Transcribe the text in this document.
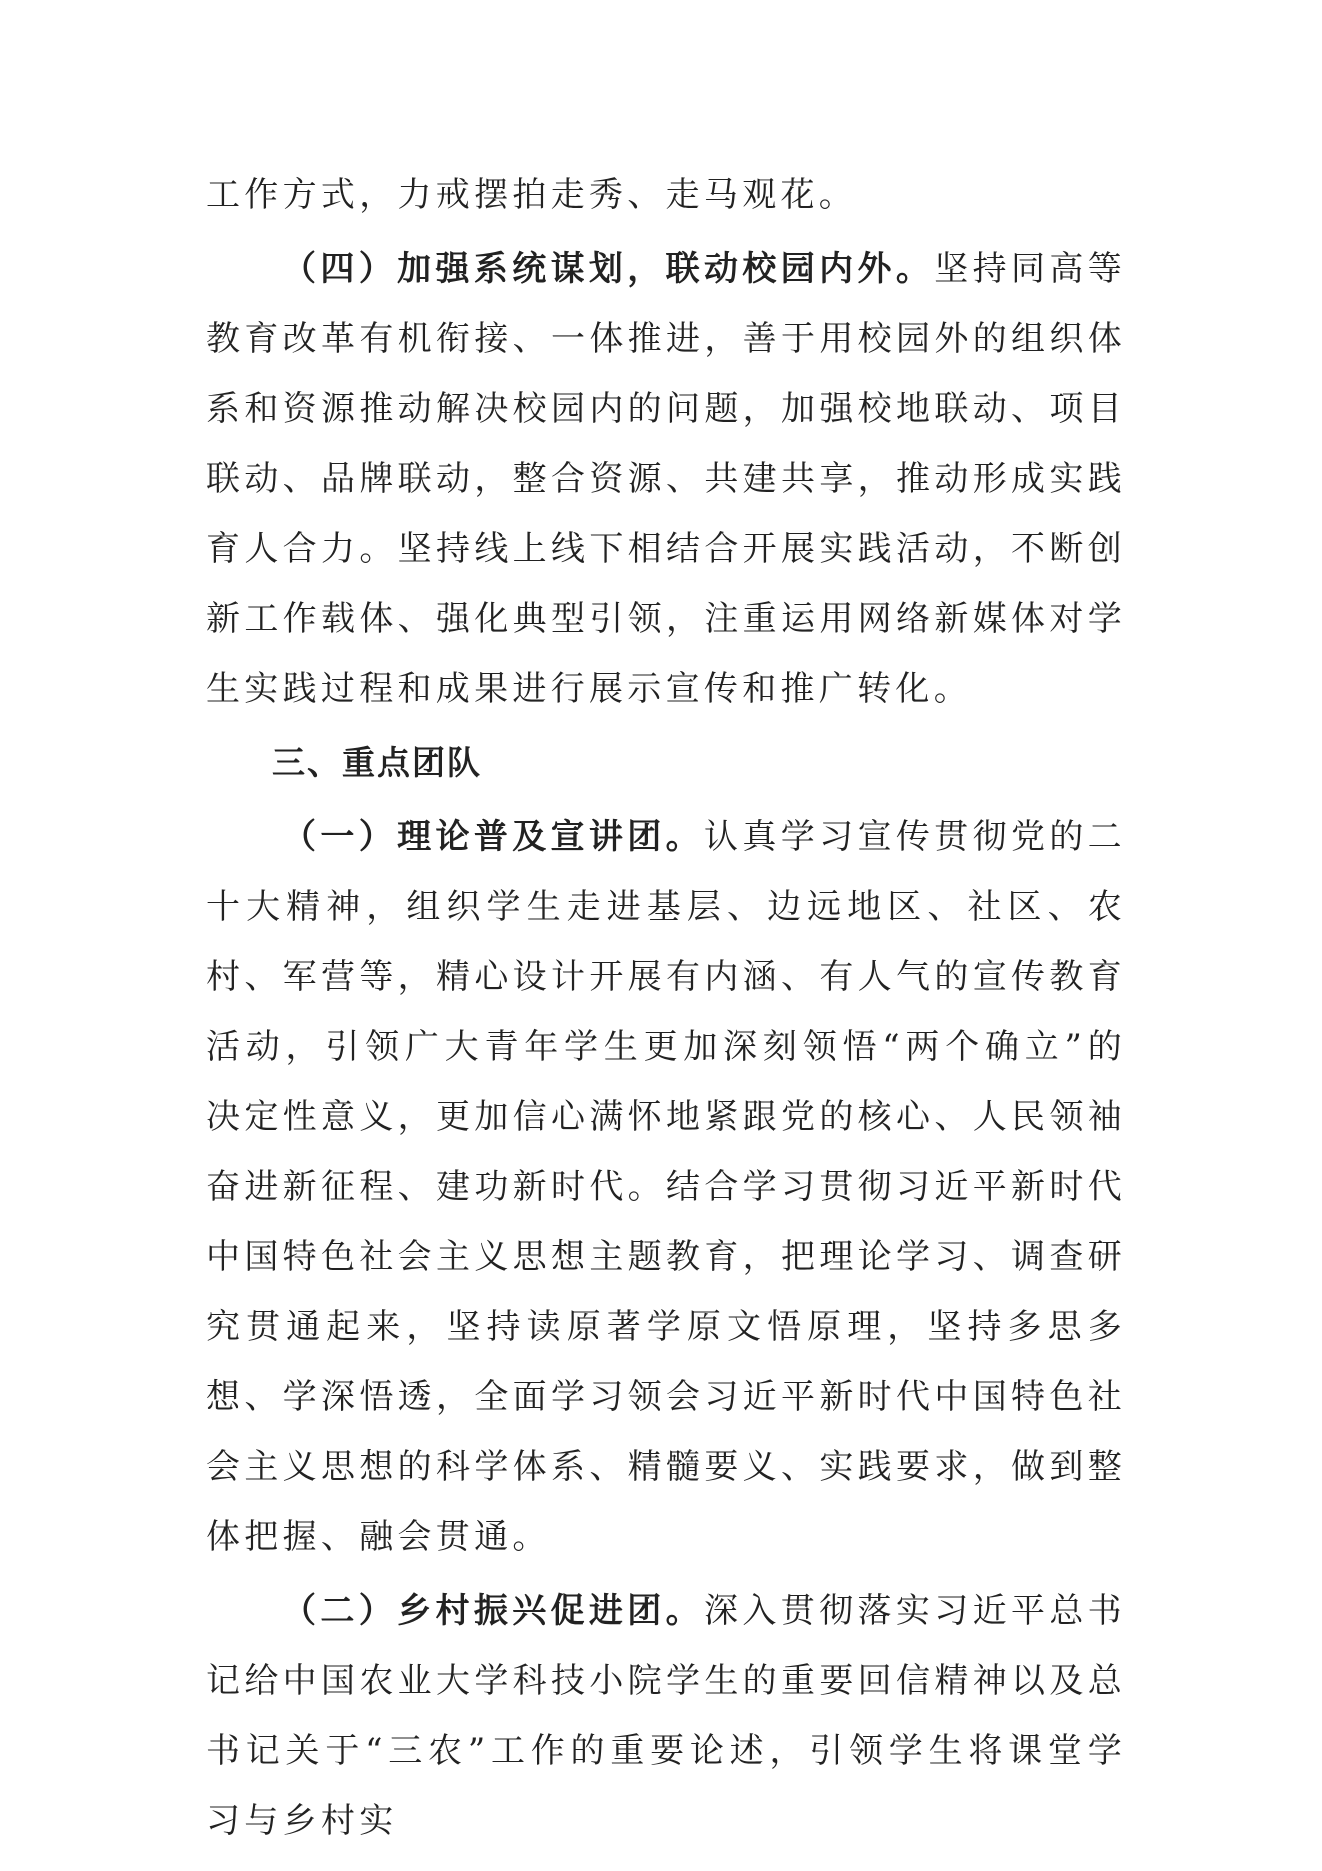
工作方式，力戒摆拍走秀、走马观花。

（四）加强系统谋划，联动校园内外。坚持同高等教育改革有机衔接、一体推进，善于用校园外的组织体系和资源推动解决校园内的问题，加强校地联动、项目联动、品牌联动，整合资源、共建共享，推动形成实践育人合力。坚持线上线下相结合开展实践活动，不断创新工作载体、强化典型引领，注重运用网络新媒体对学生实践过程和成果进行展示宣传和推广转化。

三、重点团队

（一）理论普及宣讲团。认真学习宣传贯彻党的二十大精神，组织学生走进基层、边远地区、社区、农村、军营等，精心设计开展有内涵、有人气的宣传教育活动，引领广大青年学生更加深刻领悟“两个确立”的决定性意义，更加信心满怀地紧跟党的核心、人民领袖奋进新征程、建功新时代。结合学习贯彻习近平新时代中国特色社会主义思想主题教育，把理论学习、调查研究贯通起来，坚持读原著学原文悟原理，坚持多思多想、学深悟透，全面学习领会习近平新时代中国特色社会主义思想的科学体系、精髓要义、实践要求，做到整体把握、融会贯通。

（二）乡村振兴促进团。深入贯彻落实习近平总书记给中国农业大学科技小院学生的重要回信精神以及总书记关于“三农”工作的重要论述，引领学生将课堂学习与乡村实
